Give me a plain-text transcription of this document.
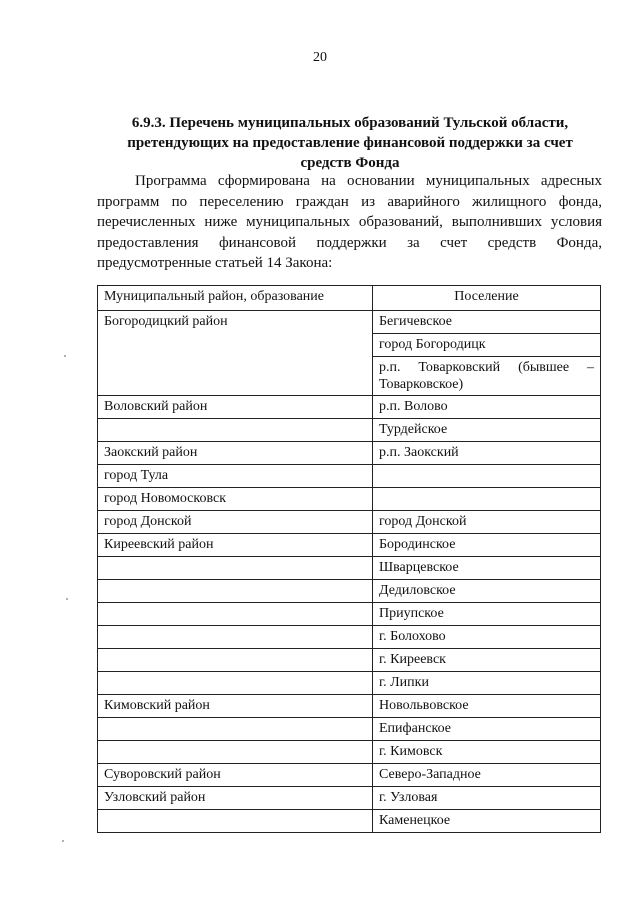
20
6.9.3. Перечень муниципальных образований Тульской области,
претендующих на предоставление финансовой поддержки за счет
средств Фонда

Программа сформирована на основании муниципальных адресных программ по переселению граждан из аварийного жилищного фонда, перечисленных ниже муниципальных образований, выполнивших условия предоставления финансовой поддержки за счет средств Фонда, предусмотренные статьей 14 Закона:

Муниципальный район, образование	Поселение
Богородицкий район	Бегичевское
	город Богородицк
	р.п. Товарковский (бывшее – Товарковское)
Воловский район	р.п. Волово
	Турдейское
Заокский район	р.п. Заокский
город Тула	
город Новомосковск	
город Донской	город Донской
Киреевский район	Бородинское
	Шварцевское
	Дедиловское
	Приупское
	г. Болохово
	г. Киреевск
	г. Липки
Кимовский район	Новольвовское
	Епифанское
	г. Кимовск
Суворовский район	Северо-Западное
Узловский район	г. Узловая
	Каменецкое
